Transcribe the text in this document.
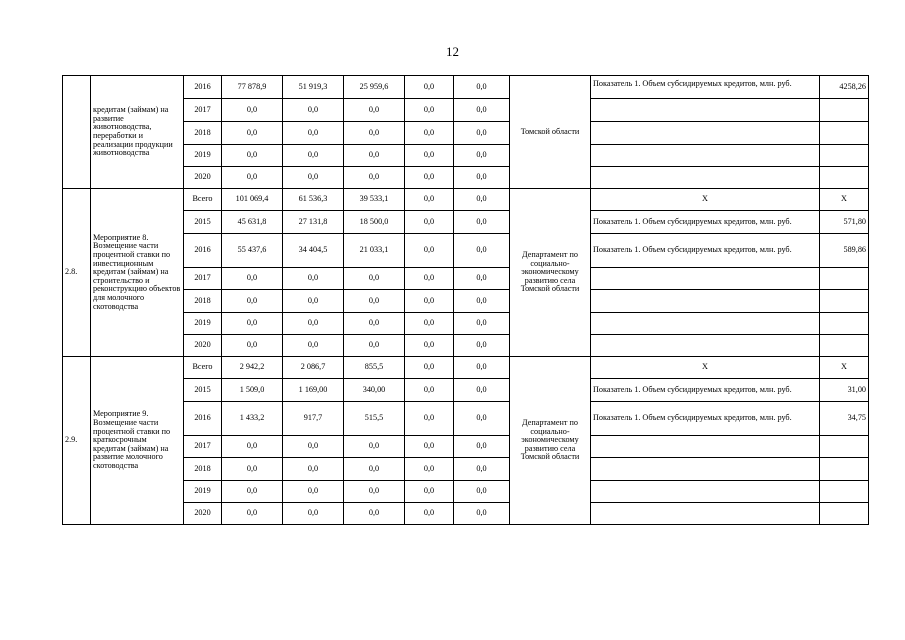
12
	кредитам (займам) на развитие животноводства, переработки и реализации продукции животноводства	2016	77 878,9	51 919,3	25 959,6	0,0	0,0	Томской области	Показатель 1. Объем субсидируемых кредитов, млн. руб.	4258,26
		2017	0,0	0,0	0,0	0,0	0,0			
		2018	0,0	0,0	0,0	0,0	0,0			
		2019	0,0	0,0	0,0	0,0	0,0			
		2020	0,0	0,0	0,0	0,0	0,0			
2.8.	Мероприятие 8. Возмещение части процентной ставки по инвестиционным кредитам (займам) на строительство и реконструкцию объектов для молочного скотоводства	Всего	101 069,4	61 536,3	39 533,1	0,0	0,0	Департамент по социально-экономическому развитию села Томской области	Х	Х
		2015	45 631,8	27 131,8	18 500,0	0,0	0,0		Показатель 1. Объем субсидируемых кредитов, млн. руб.	571,80
		2016	55 437,6	34 404,5	21 033,1	0,0	0,0		Показатель 1. Объем субсидируемых кредитов, млн. руб.	589,86
		2017	0,0	0,0	0,0	0,0	0,0			
		2018	0,0	0,0	0,0	0,0	0,0			
		2019	0,0	0,0	0,0	0,0	0,0			
		2020	0,0	0,0	0,0	0,0	0,0			
2.9.	Мероприятие 9. Возмещение части процентной ставки по краткосрочным кредитам (займам) на развитие молочного скотоводства	Всего	2 942,2	2 086,7	855,5	0,0	0,0	Департамент по социально-экономическому развитию села Томской области	Х	Х
		2015	1 509,0	1 169,00	340,00	0,0	0,0		Показатель 1. Объем субсидируемых кредитов, млн. руб.	31,00
		2016	1 433,2	917,7	515,5	0,0	0,0		Показатель 1. Объем субсидируемых кредитов, млн. руб.	34,75
		2017	0,0	0,0	0,0	0,0	0,0			
		2018	0,0	0,0	0,0	0,0	0,0			
		2019	0,0	0,0	0,0	0,0	0,0			
		2020	0,0	0,0	0,0	0,0	0,0			
